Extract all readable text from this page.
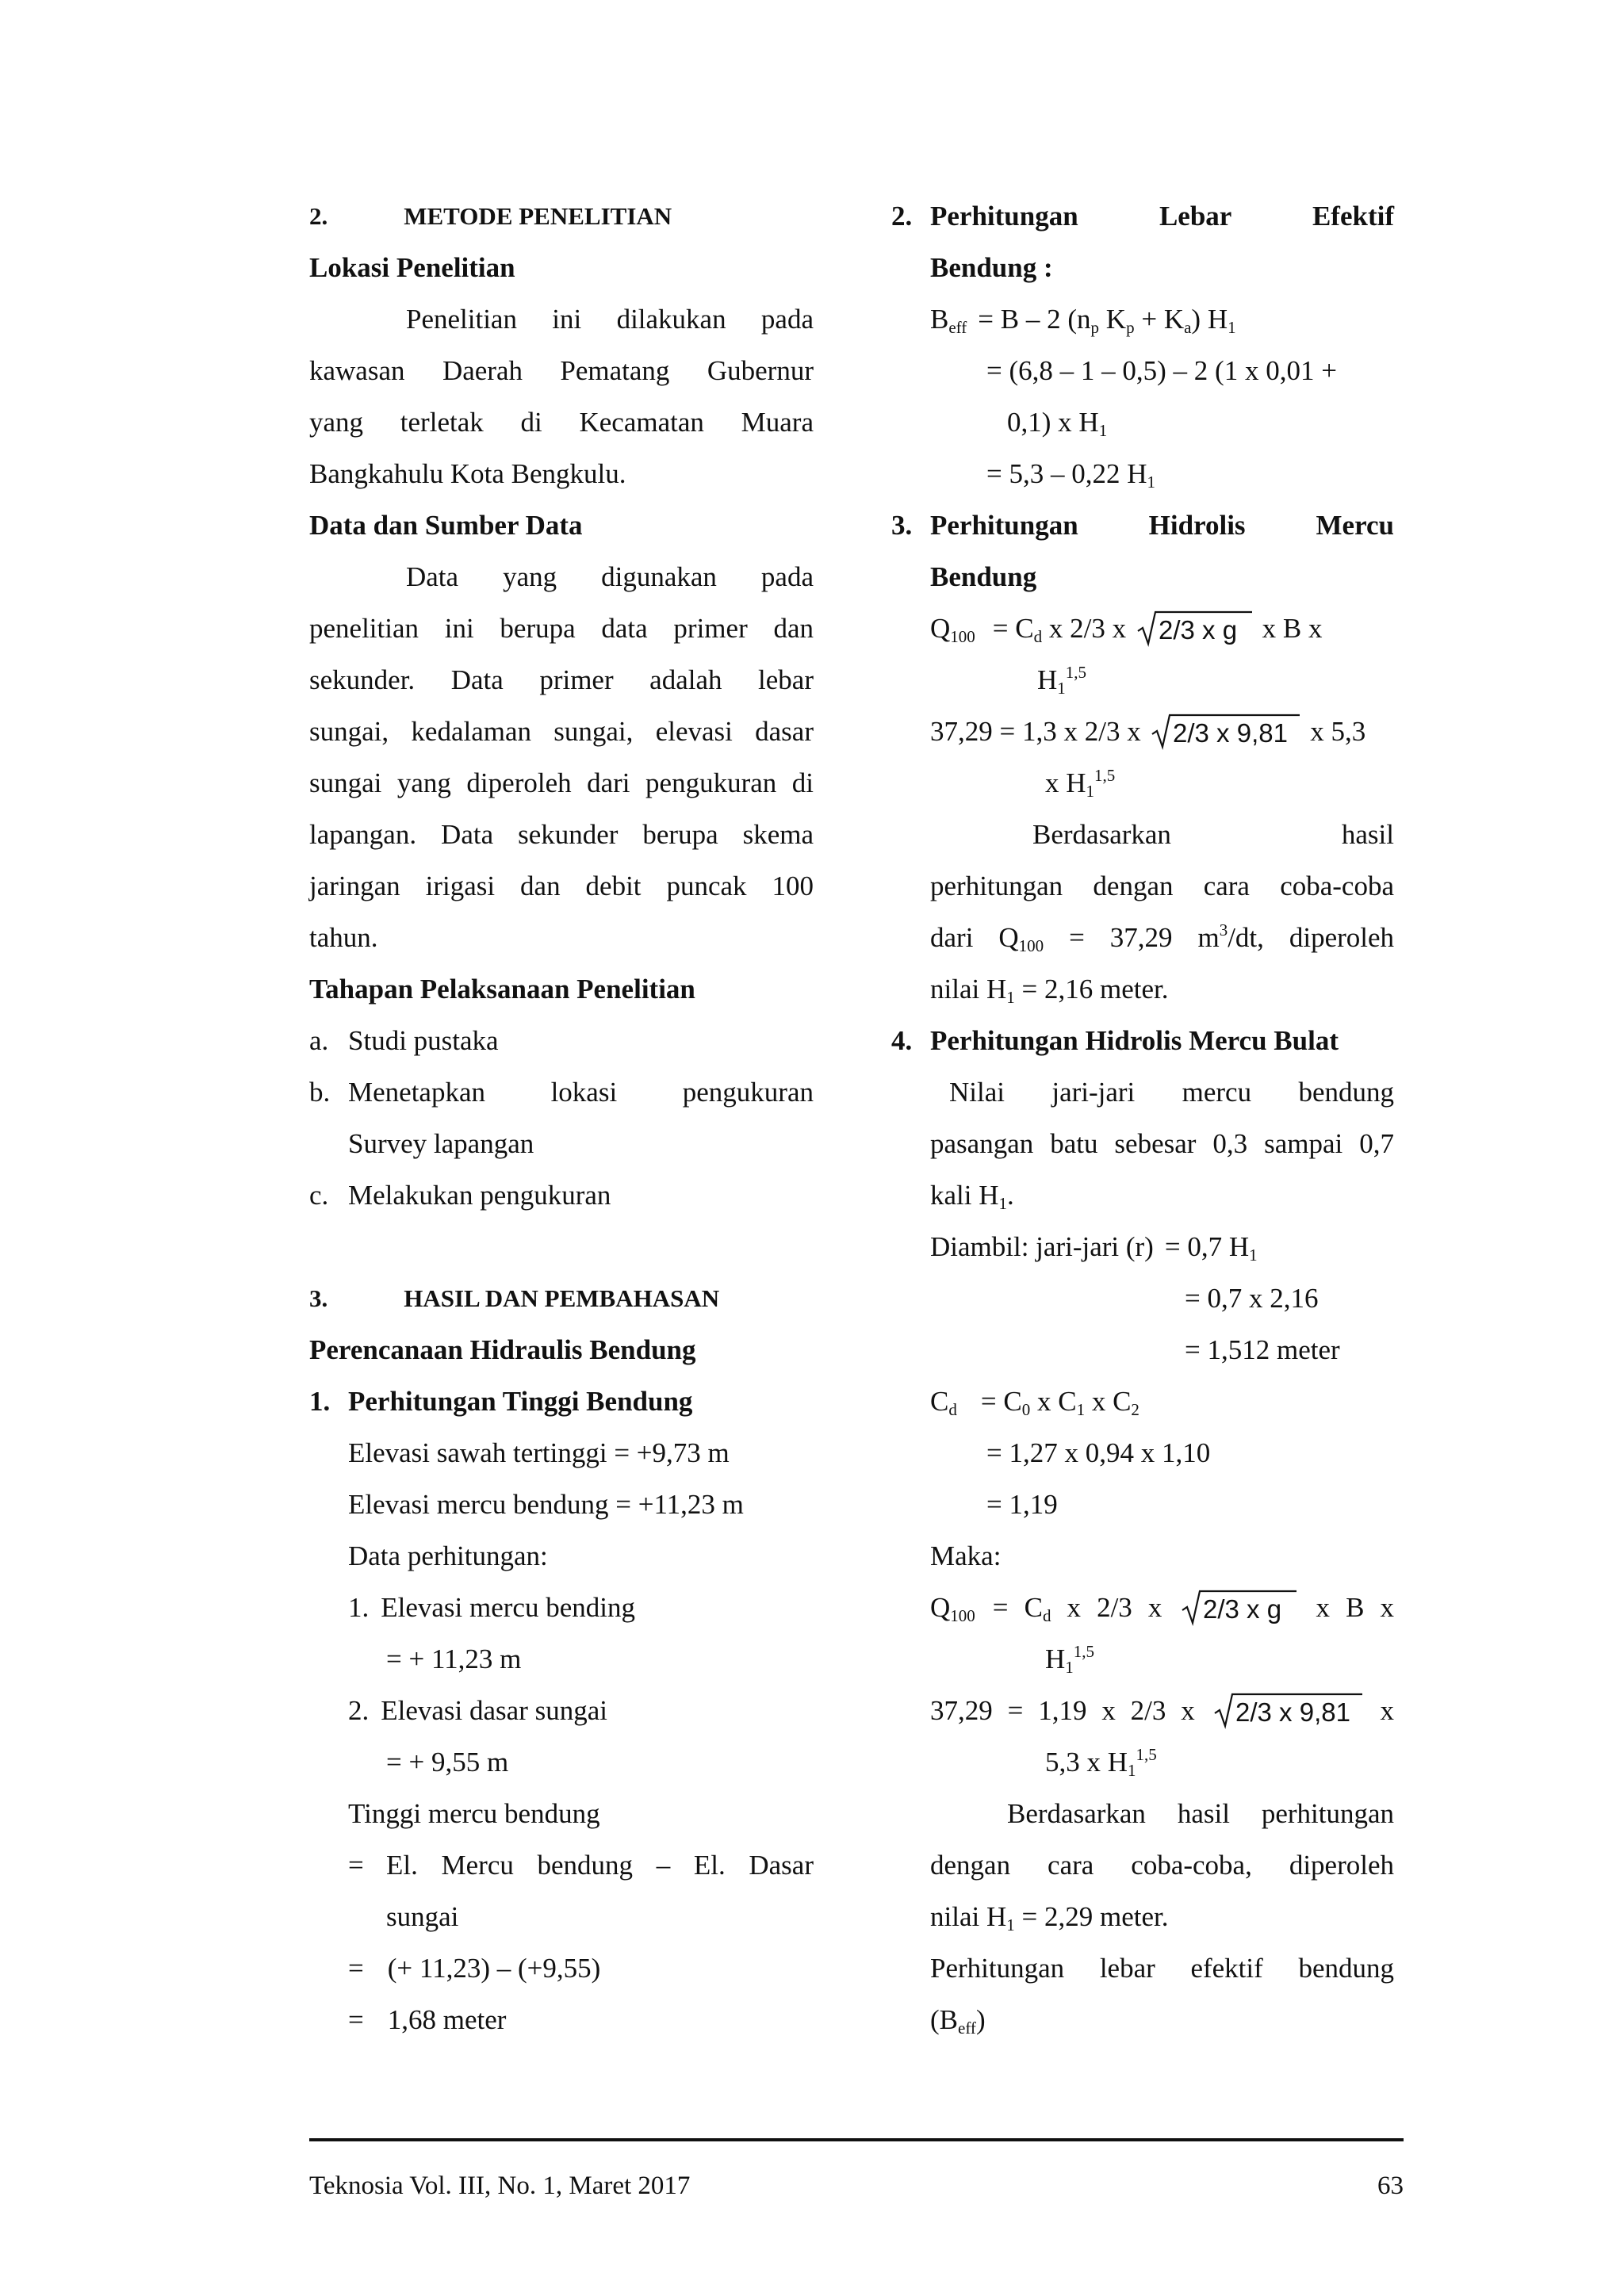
2.	METODE PENELITIAN
Lokasi Penelitian
Penelitian ini dilakukan pada
kawasan Daerah Pematang Gubernur
yang terletak di Kecamatan Muara
Bangkahulu Kota Bengkulu.
Data dan Sumber Data
Data yang digunakan pada
penelitian ini berupa data primer dan
sekunder. Data primer adalah lebar
sungai, kedalaman sungai, elevasi dasar
sungai yang diperoleh dari pengukuran di
lapangan. Data sekunder berupa skema
jaringan irigasi dan debit puncak 100
tahun.
Tahapan Pelaksanaan Penelitian
a. Studi pustaka
b. Menetapkan lokasi pengukuran
Survey lapangan
c. Melakukan pengukuran
3.	HASIL DAN PEMBAHASAN
Perencanaan Hidraulis Bendung
1. Perhitungan Tinggi Bendung
Elevasi sawah tertinggi = +9,73 m
Elevasi mercu bendung = +11,23 m
Data perhitungan:
1. Elevasi mercu bending
= + 11,23 m
2. Elevasi dasar sungai
= + 9,55 m
Tinggi mercu bendung
= El. Mercu bendung – El. Dasar
sungai
= (+ 11,23) – (+9,55)
= 1,68 meter
2. Perhitungan Lebar Efektif
Bendung :
$B_{eff} = B - 2$ ($n_p$ $K_p + K_a$) $H_1$
= (6,8 – 1 – 0,5) – 2 (1 x 0,01 +
0,1) x $H_1$
= 5,3 – 0,22 $H_1$
3. Perhitungan Hidrolis Mercu
Bendung
$Q_{100} = C_d$ x 2/3 x 2/3 x g x B x
$H_1^{1,5}$
37,29 = 1,3 x 2/3 x 2/3 x 9,81 x 5,3
x $H_1^{1,5}$
Berdasarkan hasil
perhitungan dengan cara coba-coba
dari $Q_{100} = 37,29$ $m^3/dt$, diperoleh
nilai $H_1 = 2,16$ meter.
4. Perhitungan Hidrolis Mercu Bulat
Nilai jari-jari mercu bendung
pasangan batu sebesar 0,3 sampai 0,7
kali $H_1$.
Diambil: jari-jari (r) = 0,7 $H_1$
= 0,7 x 2,16
= 1,512 meter
$C_d = C_0$ x $C_1$ x $C_2$
= 1,27 x 0,94 x 1,10
= 1,19
Maka:
$Q_{100} = C_d$ x 2/3 x 2/3 x g x B x
$H_1^{1,5}$
37,29 = 1,19 x 2/3 x 2/3 x 9,81 x
5,3 x $H_1^{1,5}$
Berdasarkan hasil perhitungan
dengan cara coba-coba, diperoleh
nilai $H_1 = 2,29$ meter.
Perhitungan lebar efektif bendung
$(B_{eff})$
Teknosia Vol. III, No. 1, Maret 2017	63
